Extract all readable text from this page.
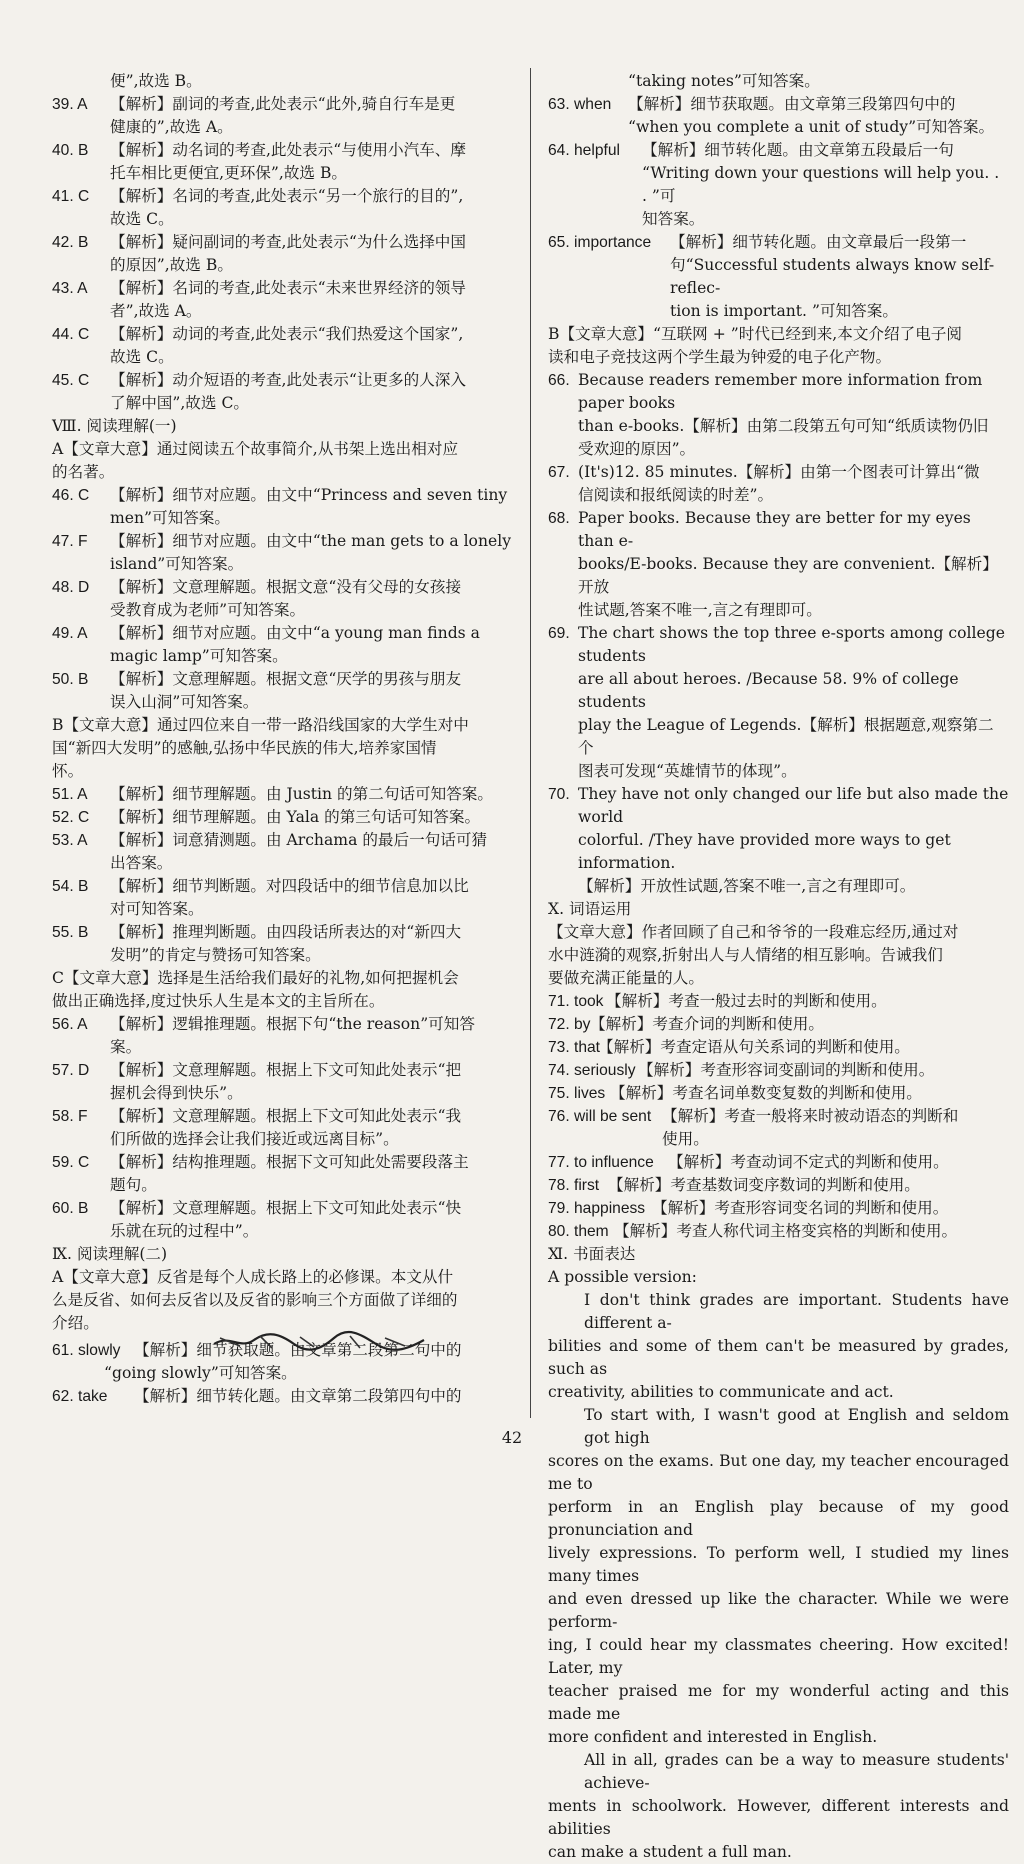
便”,故选 B。
39. A	【解析】副词的考查,此处表示“此外,骑自行车是更
健康的”,故选 A。
40. B	【解析】动名词的考查,此处表示“与使用小汽车、摩
托车相比更便宜,更环保”,故选 B。
41. C	【解析】名词的考查,此处表示“另一个旅行的目的”,
故选 C。
42. B	【解析】疑问副词的考查,此处表示“为什么选择中国
的原因”,故选 B。
43. A	【解析】名词的考查,此处表示“未来世界经济的领导
者”,故选 A。
44. C	【解析】动词的考查,此处表示“我们热爱这个国家”,
故选 C。
45. C	【解析】动介短语的考查,此处表示“让更多的人深入
了解中国”,故选 C。
Ⅷ. 阅读理解(一)
A【文章大意】通过阅读五个故事简介,从书架上选出相对应
的名著。
46. C	【解析】细节对应题。由文中“Princess and seven tiny
men”可知答案。
47. F	【解析】细节对应题。由文中“the man gets to a lonely
island”可知答案。
48. D	【解析】文意理解题。根据文意“没有父母的女孩接
受教育成为老师”可知答案。
49. A	【解析】细节对应题。由文中“a young man finds a
magic lamp”可知答案。
50. B	【解析】文意理解题。根据文意“厌学的男孩与朋友
误入山洞”可知答案。
B【文章大意】通过四位来自一带一路沿线国家的大学生对中
国“新四大发明”的感触,弘扬中华民族的伟大,培养家国情
怀。
51. A	【解析】细节理解题。由 Justin 的第二句话可知答案。
52. C	【解析】细节理解题。由 Yala 的第三句话可知答案。
53. A	【解析】词意猜测题。由 Archama 的最后一句话可猜
出答案。
54. B	【解析】细节判断题。对四段话中的细节信息加以比
对可知答案。
55. B	【解析】推理判断题。由四段话所表达的对“新四大
发明”的肯定与赞扬可知答案。
C【文章大意】选择是生活给我们最好的礼物,如何把握机会
做出正确选择,度过快乐人生是本文的主旨所在。
56. A	【解析】逻辑推理题。根据下句“the reason”可知答
案。
57. D	【解析】文意理解题。根据上下文可知此处表示“把
握机会得到快乐”。
58. F	【解析】文意理解题。根据上下文可知此处表示“我
们所做的选择会让我们接近或远离目标”。
59. C	【解析】结构推理题。根据下文可知此处需要段落主
题句。
60. B	【解析】文意理解题。根据上下文可知此处表示“快
乐就在玩的过程中”。
Ⅸ. 阅读理解(二)
A【文章大意】反省是每个人成长路上的必修课。本文从什
么是反省、如何去反省以及反省的影响三个方面做了详细的
介绍。
61. slowly 【解析】细节获取题。由文章第二段第二句中的
“going slowly”可知答案。
62. take	【解析】细节转化题。由文章第二段第四句中的
“taking notes”可知答案。
63. when	【解析】细节获取题。由文章第三段第四句中的
“when you complete a unit of study”可知答案。
64. helpful	【解析】细节转化题。由文章第五段最后一句
“Writing down your questions will help you. . . ”可
知答案。
65. importance	【解析】细节转化题。由文章最后一段第一
句“Successful students always know self-reflec-
tion is important. ”可知答案。
B【文章大意】“互联网 + ”时代已经到来,本文介绍了电子阅
读和电子竞技这两个学生最为钟爱的电子化产物。
66. Because readers remember more information from paper books
than e-books.【解析】由第二段第五句可知“纸质读物仍旧
受欢迎的原因”。
67. (It's)12. 85 minutes.【解析】由第一个图表可计算出“微
信阅读和报纸阅读的时差”。
68. Paper books. Because they are better for my eyes than e-
books/E-books. Because they are convenient.【解析】开放
性试题,答案不唯一,言之有理即可。
69. The chart shows the top three e-sports among college students
are all about heroes. /Because 58. 9% of college students
play the League of Legends.【解析】根据题意,观察第二个
图表可发现“英雄情节的体现”。
70. They have not only changed our life but also made the world
colorful. /They have provided more ways to get information.
【解析】开放性试题,答案不唯一,言之有理即可。
Ⅹ. 词语运用
【文章大意】作者回顾了自己和爷爷的一段难忘经历,通过对
水中涟漪的观察,折射出人与人情绪的相互影响。告诫我们
要做充满正能量的人。
71. took 【解析】考查一般过去时的判断和使用。
72. by 【解析】考查介词的判断和使用。
73. that
【解析】考查定语从句关系词的判断和使用。
74. seriously 【解析】考查形容词变副词的判断和使用。
75. lives 【解析】考查名词单数变复数的判断和使用。
76. will be sent 【解析】考查一般将来时被动语态的判断和
使用。
77. to influence 【解析】考查动词不定式的判断和使用。
78. first 【解析】考查基数词变序数词的判断和使用。
79. happiness 【解析】考查形容词变名词的判断和使用。
80. them 【解析】考查人称代词主格变宾格的判断和使用。
Ⅺ. 书面表达
A possible version:
I don't think grades are important. Students have different a-
bilities and some of them can't be measured by grades, such as
creativity, abilities to communicate and act.
To start with, I wasn't good at English and seldom got high
scores on the exams. But one day, my teacher encouraged me to
perform in an English play because of my good pronunciation and
lively expressions. To perform well, I studied my lines many times
and even dressed up like the character. While we were perform-
ing, I could hear my classmates cheering. How excited! Later, my
teacher praised me for my wonderful acting and this made me
more confident and interested in English.
All in all, grades can be a way to measure students' achieve-
ments in schoolwork. However, different interests and abilities
can make a student a full man.
42
